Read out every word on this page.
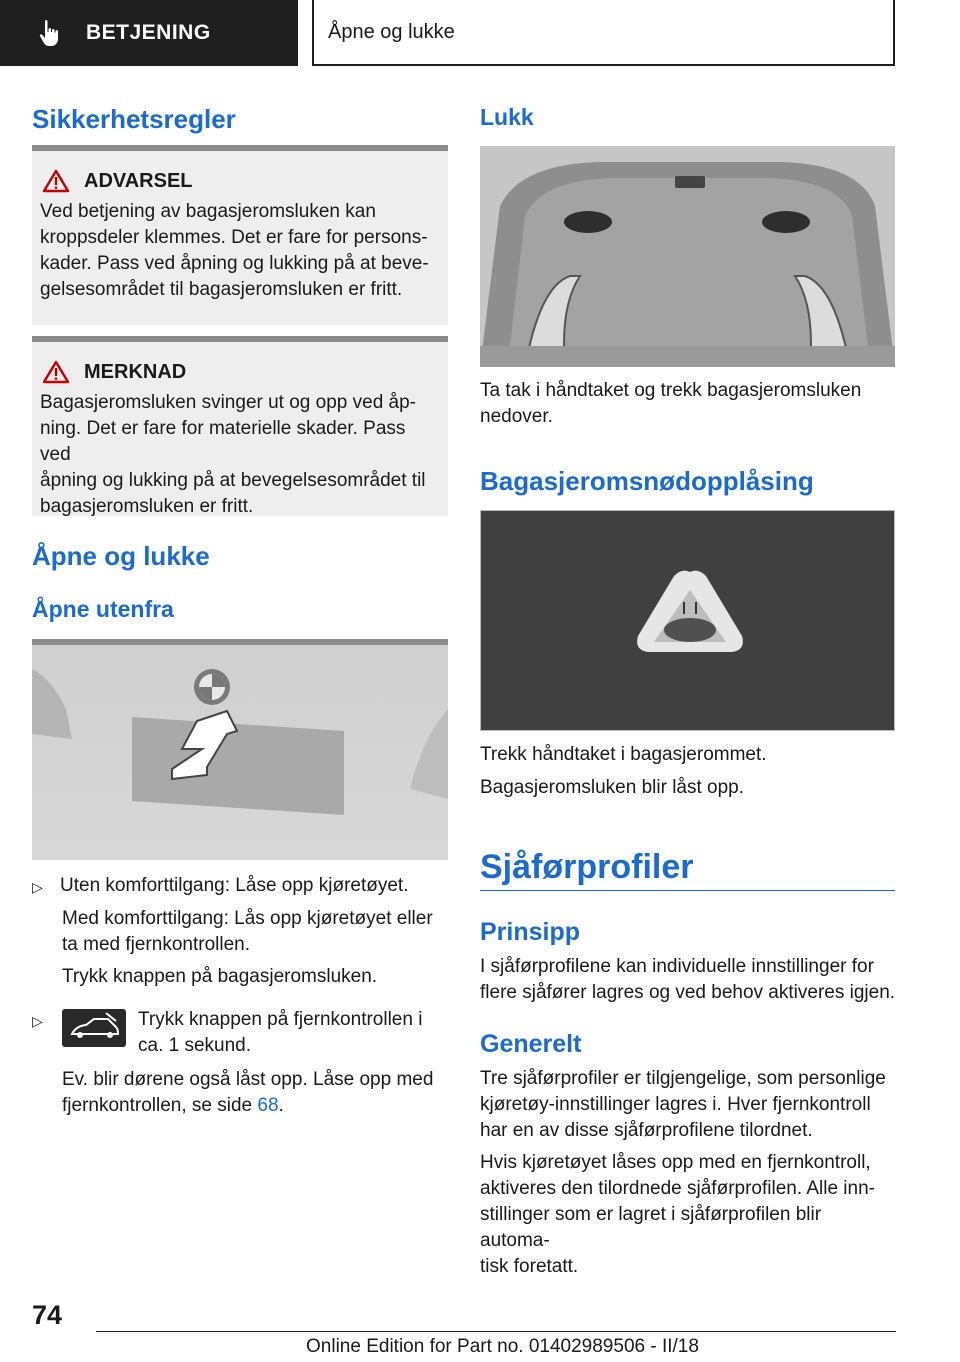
BETJENING	Åpne og lukke
Sikkerhetsregler
ADVARSEL

Ved betjening av bagasjeromsluken kan

kroppsdeler klemmes. Det er fare for persons-

kader. Pass ved åpning og lukking på at beve-

gelsesområdet til bagasjeromsluken er fritt.

MERKNAD

Bagasjeromsluken svinger ut og opp ved åp-

ning. Det er fare for materielle skader. Pass ved

åpning og lukking på at bevegelsesområdet til

bagasjeromsluken er fritt.

Åpne og lukke
Åpne utenfra
▷ Uten komforttilgang: Låse opp kjøretøyet.

Med komforttilgang: Lås opp kjøretøyet eller

ta med fjernkontrollen.

Trykk knappen på bagasjeromsluken.

▷	Trykk knappen på fjernkontrollen i

ca. 1 sekund.

Ev. blir dørene også låst opp. Låse opp med

fjernkontrollen, se side 68.

Lukk

Ta tak i håndtaket og trekk bagasjeromsluken

nedover.

Bagasjeromsnødopplåsing

Trekk håndtaket i bagasjerommet.

Bagasjeromsluken blir låst opp.

Sjåførprofiler
Prinsipp

I sjåførprofilene kan individuelle innstillinger for

flere sjåfører lagres og ved behov aktiveres igjen.

Generelt

Tre sjåførprofiler er tilgjengelige, som personlige

kjøretøy-innstillinger lagres i. Hver fjernkontroll

har en av disse sjåførprofilene tilordnet.

Hvis kjøretøyet låses opp med en fjernkontroll,

aktiveres den tilordnede sjåførprofilen. Alle inn-

stillinger som er lagret i sjåførprofilen blir automa-

tisk foretatt.

74
Online Edition for Part no. 01402989506 - II/18
